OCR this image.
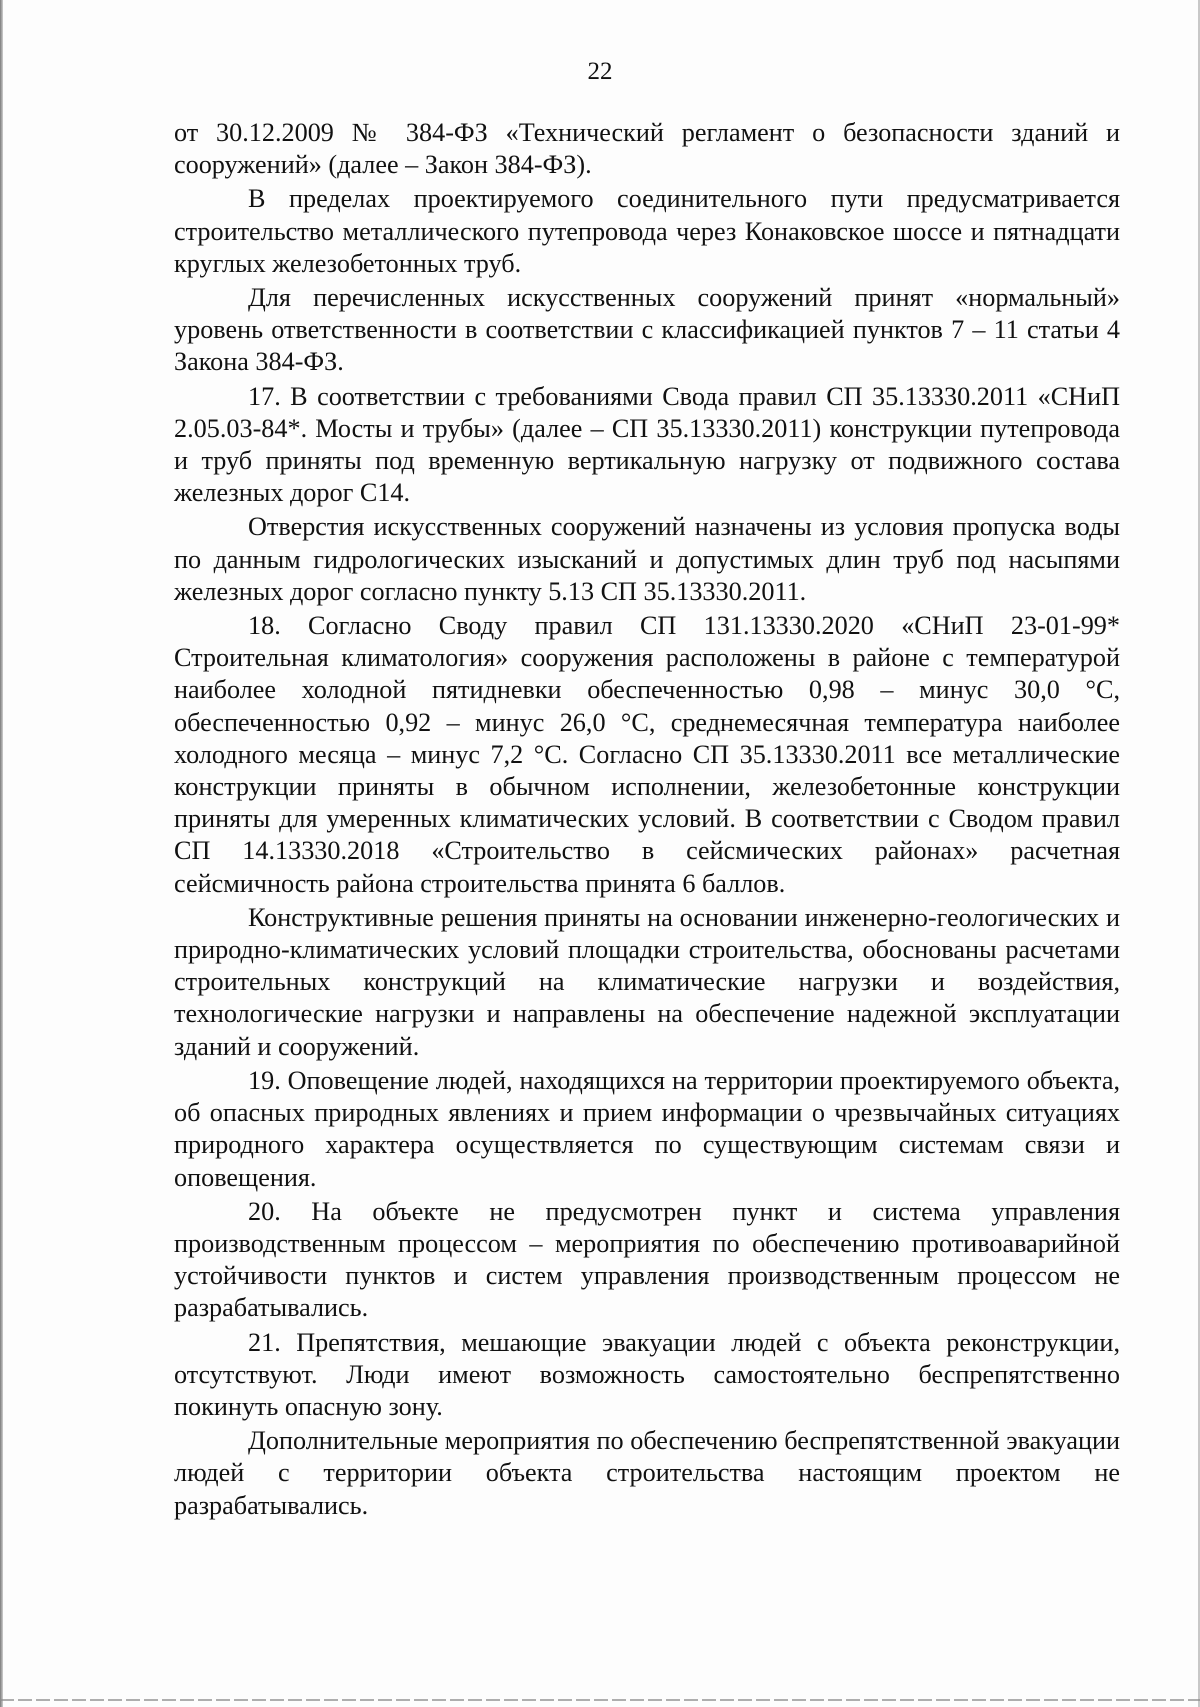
22

от 30.12.2009 № 384-ФЗ «Технический регламент о безопасности зданий и сооружений» (далее – Закон 384-ФЗ).

В пределах проектируемого соединительного пути предусматривается строительство металлического путепровода через Конаковское шоссе и пятнадцати круглых железобетонных труб.

Для перечисленных искусственных сооружений принят «нормальный» уровень ответственности в соответствии с классификацией пунктов 7 – 11 статьи 4 Закона 384-ФЗ.

17. В соответствии с требованиями Свода правил СП 35.13330.2011 «СНиП 2.05.03-84*. Мосты и трубы» (далее – СП 35.13330.2011) конструкции путепровода и труб приняты под временную вертикальную нагрузку от подвижного состава железных дорог С14.

Отверстия искусственных сооружений назначены из условия пропуска воды по данным гидрологических изысканий и допустимых длин труб под насыпями железных дорог согласно пункту 5.13 СП 35.13330.2011.

18. Согласно Своду правил СП 131.13330.2020 «СНиП 23-01-99* Строительная климатология» сооружения расположены в районе с температурой наиболее холодной пятидневки обеспеченностью 0,98 – минус 30,0 °C, обеспеченностью 0,92 – минус 26,0 °C, среднемесячная температура наиболее холодного месяца – минус 7,2 °C. Согласно СП 35.13330.2011 все металлические конструкции приняты в обычном исполнении, железобетонные конструкции приняты для умеренных климатических условий. В соответствии с Сводом правил СП 14.13330.2018 «Строительство в сейсмических районах» расчетная сейсмичность района строительства принята 6 баллов.

Конструктивные решения приняты на основании инженерно-геологических и природно-климатических условий площадки строительства, обоснованы расчетами строительных конструкций на климатические нагрузки и воздействия, технологические нагрузки и направлены на обеспечение надежной эксплуатации зданий и сооружений.

19. Оповещение людей, находящихся на территории проектируемого объекта, об опасных природных явлениях и прием информации о чрезвычайных ситуациях природного характера осуществляется по существующим системам связи и оповещения.

20. На объекте не предусмотрен пункт и система управления производственным процессом – мероприятия по обеспечению противоаварийной устойчивости пунктов и систем управления производственным процессом не разрабатывались.

21. Препятствия, мешающие эвакуации людей с объекта реконструкции, отсутствуют. Люди имеют возможность самостоятельно беспрепятственно покинуть опасную зону.

Дополнительные мероприятия по обеспечению беспрепятственной эвакуации людей с территории объекта строительства настоящим проектом не разрабатывались.
